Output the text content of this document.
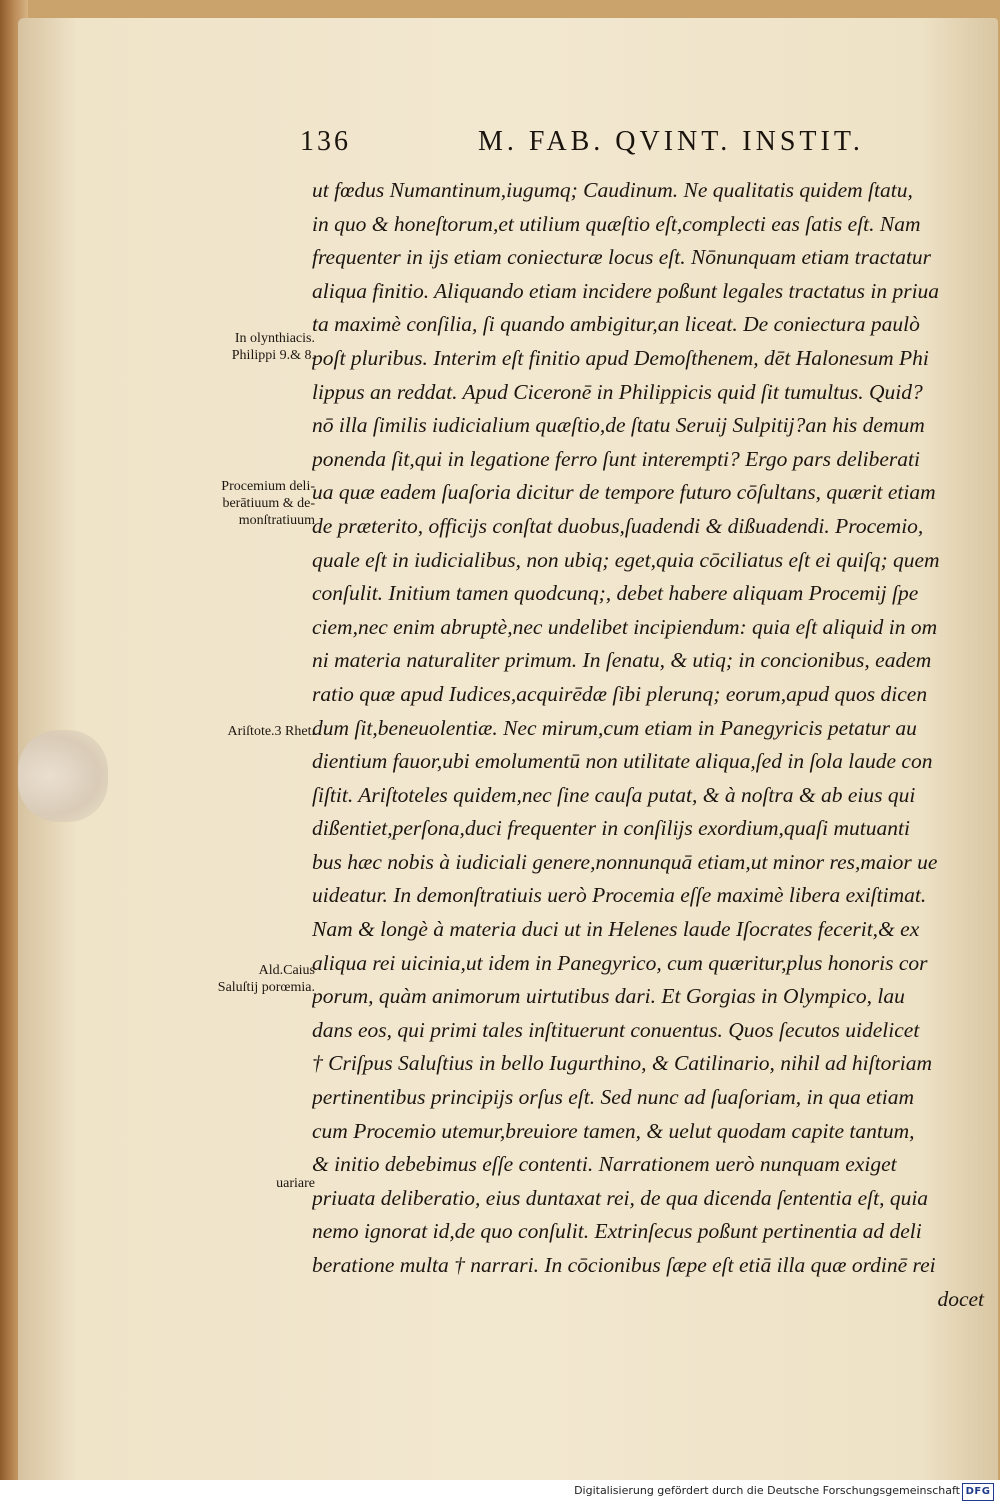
136	M. FAB. QVINT. INSTIT.
ut fœdus Numantinum,iugumq; Caudinum. Ne qualitatis quidem ſtatu,
in quo & honeſtorum,et utilium quæſtio eſt,complecti eas ſatis eſt. Nam
frequenter in ijs etiam coniecturæ locus eſt. Nōnunquam etiam tractatur
aliqua finitio. Aliquando etiam incidere poßunt legales tractatus in priua
ta maximè conſilia, ſi quando ambigitur,an liceat. De coniectura paulò
poſt pluribus. Interim eſt finitio apud Demoſthenem, dēt Halonesum Phi
lippus an reddat. Apud Ciceronē in Philippicis quid ſit tumultus. Quid?
nō illa ſimilis iudicialium quæſtio,de ſtatu Seruij Sulpitij?an his demum
ponenda ſit,qui in legatione ferro ſunt interempti? Ergo pars deliberati
ua quæ eadem ſuaſoria dicitur de tempore futuro cōſultans, quærit etiam
de præterito, officijs conſtat duobus,ſuadendi & dißuadendi. Procemio,
quale eſt in iudicialibus, non ubiq; eget,quia cōciliatus eſt ei quiſq; quem
conſulit. Initium tamen quodcunq;, debet habere aliquam Procemij ſpe
ciem,nec enim abruptè,nec undelibet incipiendum: quia eſt aliquid in om
ni materia naturaliter primum. In ſenatu, & utiq; in concionibus, eadem
ratio quæ apud Iudices,acquirēdæ ſibi plerunq; eorum,apud quos dicen
dum ſit,beneuolentiæ. Nec mirum,cum etiam in Panegyricis petatur au
dientium fauor,ubi emolumentū non utilitate aliqua,ſed in ſola laude con
ſiſtit. Ariſtoteles quidem,nec ſine cauſa putat, & à noſtra & ab eius qui
dißentiet,perſona,duci frequenter in conſilijs exordium,quaſi mutuanti
bus hæc nobis à iudiciali genere,nonnunquā etiam,ut minor res,maior ue
uideatur. In demonſtratiuis uerò Procemia eſſe maximè libera exiſtimat.
Nam & longè à materia duci ut in Helenes laude Iſocrates fecerit,& ex
aliqua rei uicinia,ut idem in Panegyrico, cum quæritur,plus honoris cor
porum, quàm animorum uirtutibus dari. Et Gorgias in Olympico, lau
dans eos, qui primi tales inſtituerunt conuentus. Quos ſecutos uidelicet
† Criſpus Saluſtius in bello Iugurthino, & Catilinario, nihil ad hiſtoriam
pertinentibus principijs orſus eſt. Sed nunc ad ſuaſoriam, in qua etiam
cum Procemio utemur,breuiore tamen, & uelut quodam capite tantum,
& initio debebimus eſſe contenti. Narrationem uerò nunquam exiget
priuata deliberatio, eius duntaxat rei, de qua dicenda ſententia eſt, quia
nemo ignorat id,de quo conſulit. Extrinſecus poßunt pertinentia ad deli
beratione multa † narrari. In cōcionibus ſæpe eſt etiā illa quæ ordinē rei
docet
In olynthiacis.
Philippi 9.& 8.
Procemium deli-
berātiuum & de-
monſtratiuum
Ariſtote.3 Rhet.
Ald.Caius
Saluſtij porœmia.
uariare
Digitalisierung gefördert durch die Deutsche Forschungsgemeinschaft DFG
